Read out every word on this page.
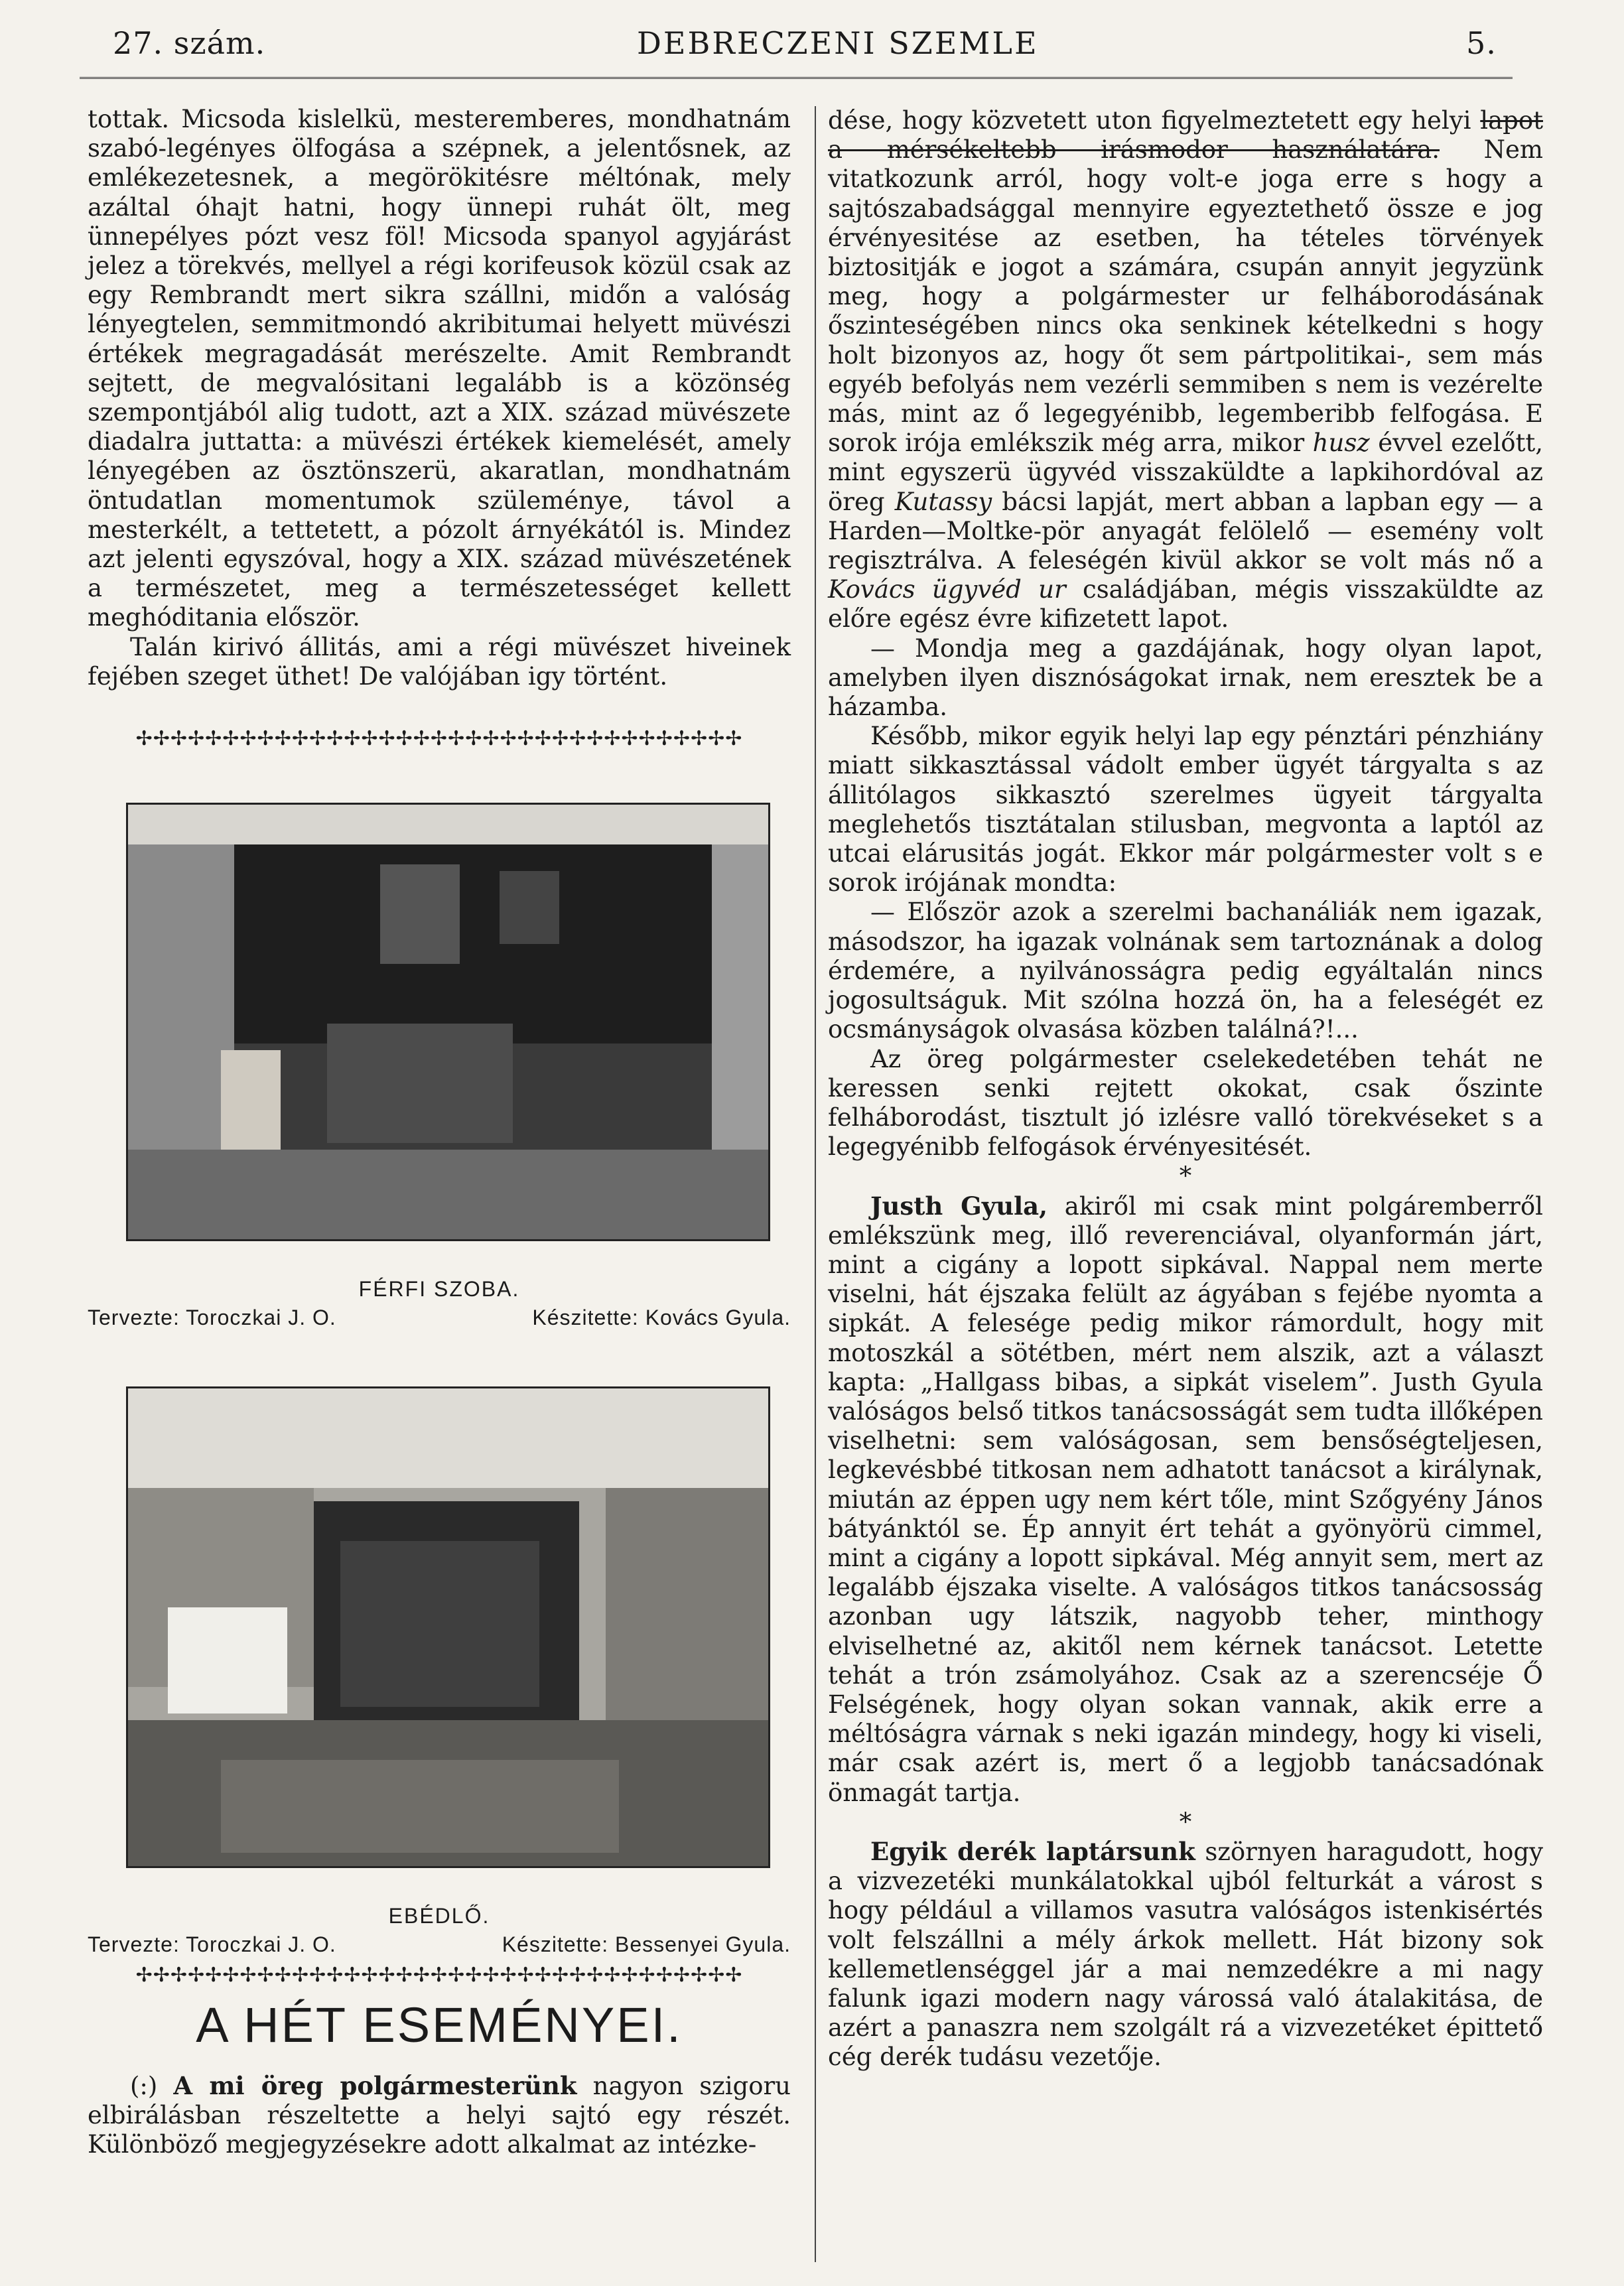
27. szám.	DEBRECZENI SZEMLE	5.

tottak. Micsoda kislelkü, mesteremberes, mondhatnám szabó-legényes ölfogása a szépnek, a jelentősnek, az emlékezetesnek, a megörökitésre méltónak, mely azáltal óhajt hatni, hogy ünnepi ruhát ölt, meg ünnepélyes pózt vesz föl! Micsoda spanyol agyjárást jelez a törekvés, mellyel a régi korifeusok közül csak az egy Rembrandt mert sikra szállni, midőn a valóság lényegtelen, semmitmondó akribitumai helyett müvészi értékek megragadását merészelte. Amit Rembrandt sejtett, de megvalósitani legalább is a közönség szempontjából alig tudott, azt a XIX. század müvészete diadalra juttatta: a müvészi értékek kiemelését, amely lényegében az ösztönszerü, akaratlan, mondhatnám öntudatlan momentumok szüleménye, távol a mesterkélt, a tettetett, a pózolt árnyékától is. Mindez azt jelenti egyszóval, hogy a XIX. század müvészetének a természetet, meg a természetességet kellett meghóditania először.

Talán kirivó állitás, ami a régi müvészet hiveinek fejében szeget üthet! De valójában igy történt.

✢✢✢✢✢✢✢✢✢✢✢✢✢✢✢✢✢✢✢✢✢✢✢✢✢✢✢✢✢✢✢✢✢✢✢
FÉRFI SZOBA.
Tervezte: Toroczkai J. O.	Készitette: Kovács Gyula.
EBÉDLŐ.
Tervezte: Toroczkai J. O.	Készitette: Bessenyei Gyula.
✢✢✢✢✢✢✢✢✢✢✢✢✢✢✢✢✢✢✢✢✢✢✢✢✢✢✢✢✢✢✢✢✢✢✢
A HÉT ESEMÉNYEI.

(:) A mi öreg polgármesterünk nagyon szigoru elbirálásban részeltette a helyi sajtó egy részét. Különböző megjegyzésekre adott alkalmat az intézke-

dése, hogy közvetett uton figyelmeztetett egy helyi lapot a mérsékeltebb irásmodor használatára. Nem vitatkozunk arról, hogy volt-e joga erre s hogy a sajtószabadsággal mennyire egyeztethető össze e jog érvényesitése az esetben, ha tételes törvények biztositják e jogot a számára, csupán annyit jegyzünk meg, hogy a polgármester ur felháborodásának őszinteségében nincs oka senkinek kételkedni s hogy holt bizonyos az, hogy őt sem pártpolitikai-, sem más egyéb befolyás nem vezérli semmiben s nem is vezérelte más, mint az ő legegyénibb, legemberibb felfogása. E sorok irója emlékszik még arra, mikor husz évvel ezelőtt, mint egyszerü ügyvéd visszaküldte a lapkihordóval az öreg Kutassy bácsi lapját, mert abban a lapban egy — a Harden—Moltke-pör anyagát felölelő — esemény volt regisztrálva. A feleségén kivül akkor se volt más nő a Kovács ügyvéd ur családjában, mégis visszaküldte az előre egész évre kifizetett lapot.

— Mondja meg a gazdájának, hogy olyan lapot, amelyben ilyen disznóságokat irnak, nem eresztek be a házamba.

Később, mikor egyik helyi lap egy pénztári pénzhiány miatt sikkasztással vádolt ember ügyét tárgyalta s az állitólagos sikkasztó szerelmes ügyeit tárgyalta meglehetős tisztátalan stilusban, megvonta a laptól az utcai elárusitás jogát. Ekkor már polgármester volt s e sorok irójának mondta:

— Először azok a szerelmi bachanáliák nem igazak, másodszor, ha igazak volnának sem tartoznának a dolog érdemére, a nyilvánosságra pedig egyáltalán nincs jogosultságuk. Mit szólna hozzá ön, ha a feleségét ez ocsmányságok olvasása közben találná?!...

Az öreg polgármester cselekedetében tehát ne keressen senki rejtett okokat, csak őszinte felháborodást, tisztult jó izlésre valló törekvéseket s a legegyénibb felfogások érvényesitését.

*

Justh Gyula, akiről mi csak mint polgáremberről emlékszünk meg, illő reverenciával, olyanformán járt, mint a cigány a lopott sipkával. Nappal nem merte viselni, hát éjszaka felült az ágyában s fejébe nyomta a sipkát. A felesége pedig mikor rámordult, hogy mit motoszkál a sötétben, mért nem alszik, azt a választ kapta: „Hallgass bibas, a sipkát viselem”. Justh Gyula valóságos belső titkos tanácsosságát sem tudta illőképen viselhetni: sem valóságosan, sem bensőségteljesen, legkevésbbé titkosan nem adhatott tanácsot a királynak, miután az éppen ugy nem kért tőle, mint Szőgyény János bátyánktól se. Ép annyit ért tehát a gyönyörü cimmel, mint a cigány a lopott sipkával. Még annyit sem, mert az legalább éjszaka viselte. A valóságos titkos tanácsosság azonban ugy látszik, nagyobb teher, minthogy elviselhetné az, akitől nem kérnek tanácsot. Letette tehát a trón zsámolyához. Csak az a szerencséje Ő Felségének, hogy olyan sokan vannak, akik erre a méltóságra várnak s neki igazán mindegy, hogy ki viseli, már csak azért is, mert ő a legjobb tanácsadónak önmagát tartja.

*

Egyik derék laptársunk szörnyen haragudott, hogy a vizvezetéki munkálatokkal ujból felturkát a várost s hogy például a villamos vasutra valóságos istenkisértés volt felszállni a mély árkok mellett. Hát bizony sok kellemetlenséggel jár a mai nemzedékre a mi nagy falunk igazi modern nagy várossá való átalakitása, de azért a panaszra nem szolgált rá a vizvezetéket épittető cég derék tudásu vezetője.
